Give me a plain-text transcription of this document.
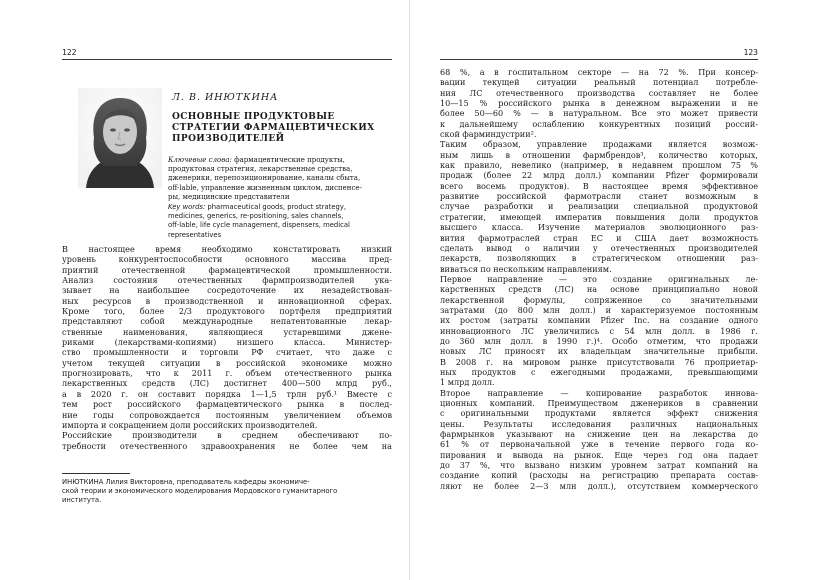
122
Л. В. ИНЮТКИНА
ОСНОВНЫЕ ПРОДУКТОВЫЕ
СТРАТЕГИИ ФАРМАЦЕВТИЧЕСКИХ
ПРОИЗВОДИТЕЛЕЙ
Ключевые слова: фармацевтические продукты,
продуктовая стратегия, лекарственные средства,
дженерики, перепозиционирование, каналы сбыта,
off-lable, управление жизненным циклом, диспенсе-
ры, медицинские представители
Key words: pharmaceutical goods, product strategy,
medicines, generics, re-positioning, sales channels,
off-lable, life cycle management, dispensers, medical
representatives
В настоящее время необходимо констатировать низкий
уровень конкурентоспособности основного массива пред-
приятий отечественной фармацевтической промышленности.
Анализ состояния отечественных фармпроизводителей ука-
зывает на наибольшее сосредоточение их незадействован-
ных ресурсов в производственной и инновационной сферах.
Кроме того, более 2/3 продуктового портфеля предприятий
представляют собой международные непатентованные лекар-
ственные наименования, являющиеся устаревшими джене-
риками (лекарствами-копиями) низшего класса. Министер-
ство промышленности и торговли РФ считает, что даже с
учетом текущей ситуации в российской экономике можно
прогнозировать, что к 2011 г. объем отечественного рынка
лекарственных средств (ЛС) достигнет 400—500 млрд руб.,
а в 2020 г. он составит порядка 1—1,5 трлн руб.¹ Вместе с
тем рост российского фармацевтического рынка в послед-
ние годы сопровождается постоянным увеличением объемов
импорта и сокращением доли российских производителей.
Российские производители в среднем обеспечивают по-
требности отечественного здравоохранения не более чем на
ИНЮТКИНА Лилия Викторовна, преподаватель кафедры экономиче-
ской теории и экономического моделирования Мордовского гуманитарного
института.
123
68 %, а в госпитальном секторе — на 72 %. При консер-
вации текущей ситуации реальный потенциал потребле-
ния ЛС отечественного производства составляет не более
10—15 % российского рынка в денежном выражении и не
более 50—60 % — в натуральном. Все это может привести
к дальнейшему ослаблению конкурентных позиций россий-
ской фарминдустрии².
Таким образом, управление продажами является возмож-
ным лишь в отношении фармбрендов³, количество которых,
как правило, невелико (например, в недавнем прошлом 75 %
продаж (более 22 млрд долл.) компании Pfizer формировали
всего восемь продуктов). В настоящее время эффективное
развитие российской фармотрасли станет возможным в
случае разработки и реализации специальной продуктовой
стратегии, имеющей императив повышения доли продуктов
высшего класса. Изучение материалов эволюционного раз-
вития фармотраслей стран ЕС и США дает возможность
сделать вывод о наличии у отечественных производителей
лекарств, позволяющих в стратегическом отношении раз-
виваться по нескольким направлениям.
Первое направление — это создание оригинальных ле-
карственных средств (ЛС) на основе принципиально новой
лекарственной формулы, сопряженное со значительными
затратами (до 800 млн долл.) и характеризуемое постоянным
их ростом (затраты компании Pfizer Inc. на создание одного
инновационного ЛС увеличились с 54 млн долл. в 1986 г.
до 360 млн долл. в 1990 г.)⁴. Особо отметим, что продажи
новых ЛС приносят их владельцам значительные прибыли.
В 2008 г. на мировом рынке присутствовали 76 проприетар-
ных продуктов с ежегодными продажами, превышающими
1 млрд долл.
Второе направление — копирование разработок иннова-
ционных компаний. Преимуществом дженериков в сравнении
с оригинальными продуктами является эффект снижения
цены. Результаты исследования различных национальных
фармрынков указывают на снижение цен на лекарства до
61 % от первоначальной уже в течение первого года ко-
пирования и вывода на рынок. Еще через год она падает
до 37 %, что вызвано низким уровнем затрат компаний на
создание копий (расходы на регистрацию препарата состав-
ляют не более 2—3 млн долл.), отсутствием коммерческого
